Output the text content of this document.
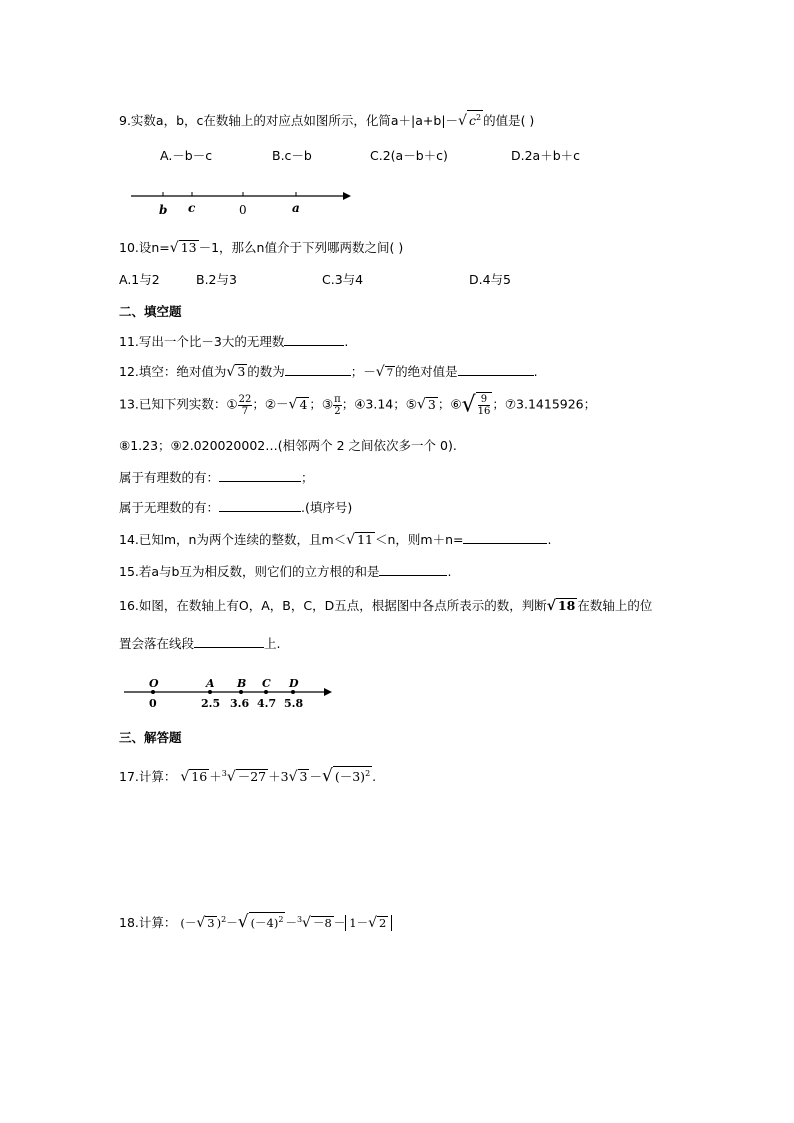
9.实数a，b，c在数轴上的对应点如图所示，化简a＋|a+b|－√ $c^2$ 的值是( )
A.－b－c	B.c－b	C.2(a－b＋c)	D.2a＋b＋c
b c	0	a
10.设n=√ 13 －1，那么n值介于下列哪两数之间( )
A.1与2	B.2与3	C.3与4	D.4与5
二、填空题
11.写出一个比－3大的无理数	.
12.填空：绝对值为√ 3 的数为	；－√ 7 的绝对值是	.
13.已知下列实数：① $\frac{22}{7}$ ；②－√ 4 ；③ $\frac{\pi}{2}$ ；④3.14；⑤√ 3 ；⑥√ $\frac{9}{16}$ ；⑦3.1415926；
⑧1.23；⑨2.020020002…(相邻两个 2 之间依次多一个 0).
属于有理数的有：	；
属于无理数的有：	.(填序号)
14.已知m，n为两个连续的整数，且m＜√ 11 ＜n，则m＋n=	.
15.若a与b互为相反数，则它们的立方根的和是	.
16.如图，在数轴上有O，A，B，C，D五点，根据图中各点所表示的数，判断√ 18 在数轴上的位
置会落在线段	上.
O	A B C D
0	2.5 3.6 4.7 5.8
三、解答题
17.计算： √ 16 ＋$^3$√ －27 ＋3√ 3 －√ $(-3)^2$ .
18.计算： (－√ 3 )$^2$－√ $(-4)^2 -^3√ -8 - 1-√$ 2
